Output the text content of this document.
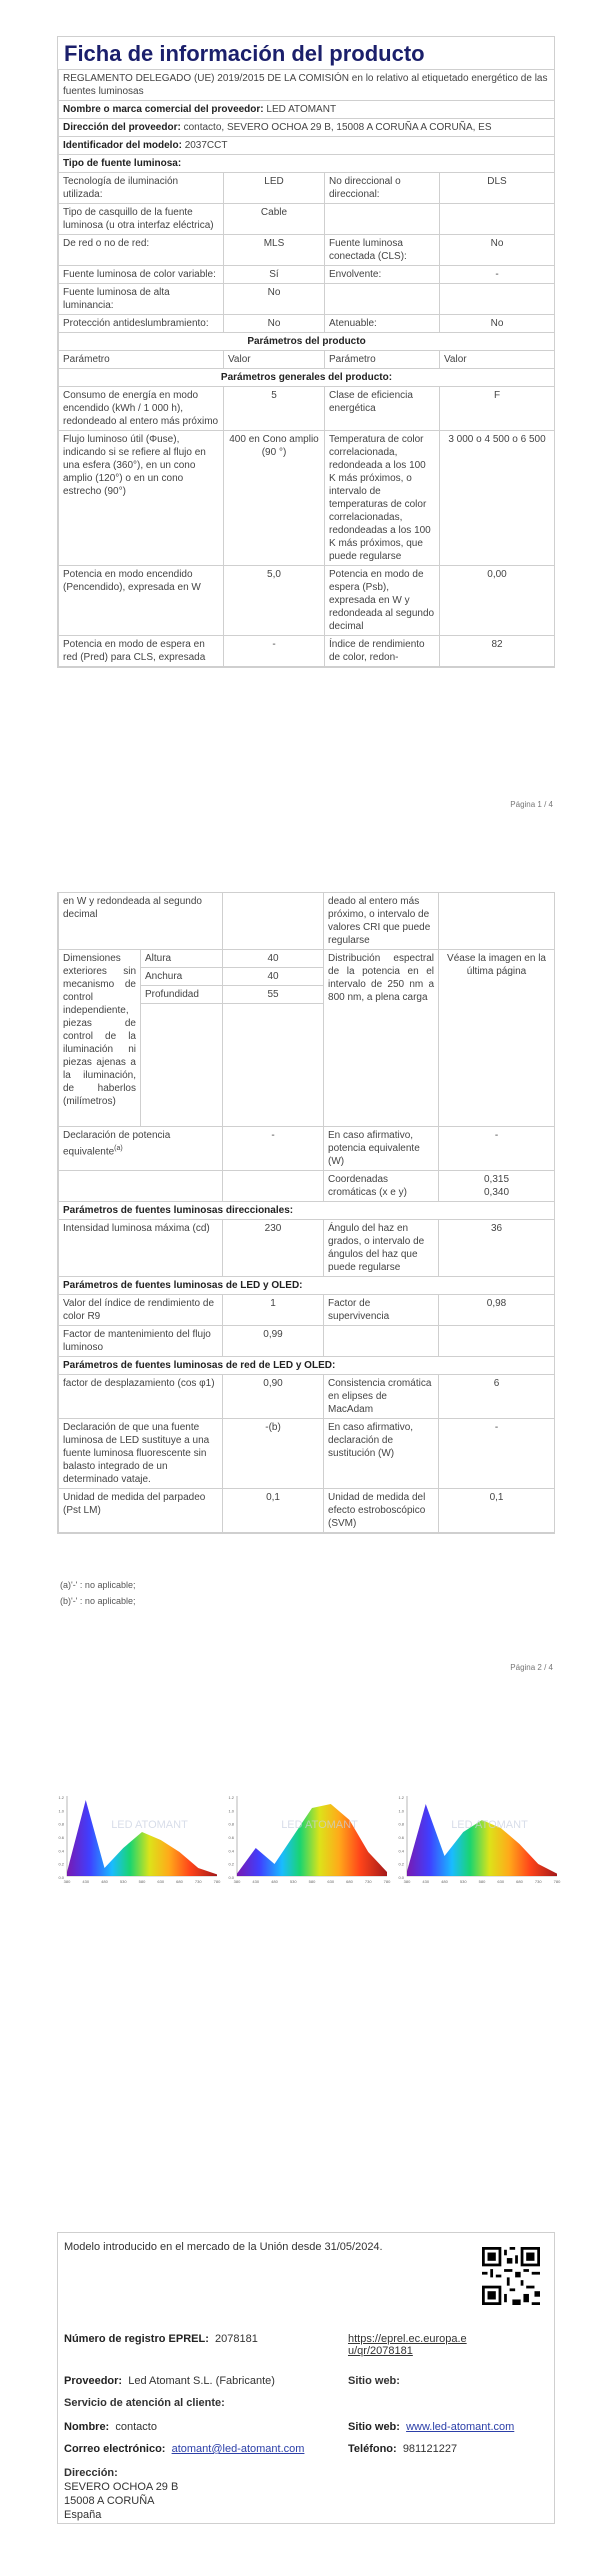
Ficha de información del producto
REGLAMENTO DELEGADO (UE) 2019/2015 DE LA COMISIÓN en lo relativo al etiquetado energético de las fuentes luminosas			
Nombre o marca comercial del proveedor: LED ATOMANT			
Dirección del proveedor: contacto, SEVERO OCHOA 29 B, 15008 A CORUÑA A CORUÑA, ES			
Identificador del modelo: 2037CCT			
Tipo de fuente luminosa:			
Tecnología de iluminación utilizada:	LED	No direccional o direccional:	DLS
Tipo de casquillo de la fuente luminosa (u otra interfaz eléctrica)	Cable		
De red o no de red:	MLS	Fuente luminosa conectada (CLS):	No
Fuente luminosa de color variable:	Sí	Envolvente:	-
Fuente luminosa de alta luminancia:	No		
Protección antideslumbramiento:	No	Atenuable:	No
Parámetros del producto			
Parámetro	Valor	Parámetro	Valor
Parámetros generales del producto:			
Consumo de energía en modo encendido (kWh / 1 000 h), redondeado al entero más próximo	5	Clase de eficiencia energética	F
Flujo luminoso útil (Φuse), indicando si se refiere al flujo en una esfera (360°), en un cono amplio (120°) o en un cono estrecho (90°)	400 en Cono amplio (90 °)	Temperatura de color correlacionada, redondeada a los 100 K más próximos, o intervalo de temperaturas de color correlacionadas, redondeadas a los 100 K más próximos, que puede regularse	3 000 o 4 500 o 6 500
Potencia en modo encendido (Pencendido), expresada en W	5,0	Potencia en modo de espera (Psb), expresada en W y redondeada al segundo decimal	0,00
Potencia en modo de espera en red (Pred) para CLS, expresada	-	Índice de rendimiento de color, redon-	82
Página 1 / 4
en W y redondeada al segundo decimal			deado al entero más próximo, o intervalo de valores CRI que puede regularse	
Dimensiones exteriores sin mecanismo de control independiente, piezas de control de la iluminación ni piezas ajenas a la iluminación, de haberlos (milímetros)	Altura	40	Distribución espectral de la potencia en el intervalo de 250 nm a 800 nm, a plena carga	Véase la imagen en la última página
	Anchura	40		
	Profundidad	55		

Declaración de potencia equivalente$^{(a)}$		-	En caso afirmativo, potencia equivalente (W)	-
			Coordenadas cromáticas (x e y)	0,315
0,340
Parámetros de fuentes luminosas direccionales:				
Intensidad luminosa máxima (cd)		230	Ángulo del haz en grados, o intervalo de ángulos del haz que puede regularse	36
Parámetros de fuentes luminosas de LED y OLED:				
Valor del índice de rendimiento de color R9		1	Factor de supervivencia	0,98
Factor de mantenimiento del flujo luminoso		0,99		
Parámetros de fuentes luminosas de red de LED y OLED:				
factor de desplazamiento (cos φ1)		0,90	Consistencia cromática en elipses de MacAdam	6
Declaración de que una fuente luminosa de LED sustituye a una fuente luminosa fluorescente sin balasto integrado de un determinado vataje.		-(b)	En caso afirmativo, declaración de sustitución (W)	-
Unidad de medida del parpadeo (Pst LM)		0,1	Unidad de medida del efecto estroboscópico (SVM)	0,1
(a)'-' : no aplicable;
(b)'-' : no aplicable;
Página 2 / 4
1.2
1.0
0.8
0.6
0.4
0.2
0.0
380	430	480	530	580	630	680	730	780
LED ATOMANT
1.2
1.0
0.8
0.6
0.4
0.2
0.0
380	430	480	530	580	630	680	730	780
LED ATOMANT
1.2
1.0
0.8
0.6
0.4
0.2
0.0
380	430	480	530	580	630	680	730	780
LED ATOMANT
Modelo introducido en el mercado de la Unión desde 31/05/2024.
Número de registro EPREL: 2078181	https://eprel.ec.europa.eu/qr/2078181
Proveedor: Led Atomant S.L. (Fabricante)	Sitio web:
Servicio de atención al cliente:
Nombre: contacto	Sitio web: www.led-atomant.com
Correo electrónico: atomant@led-atomant.com	Teléfono: 981121227
Dirección:
SEVERO OCHOA 29 B
15008 A CORUÑA
España
